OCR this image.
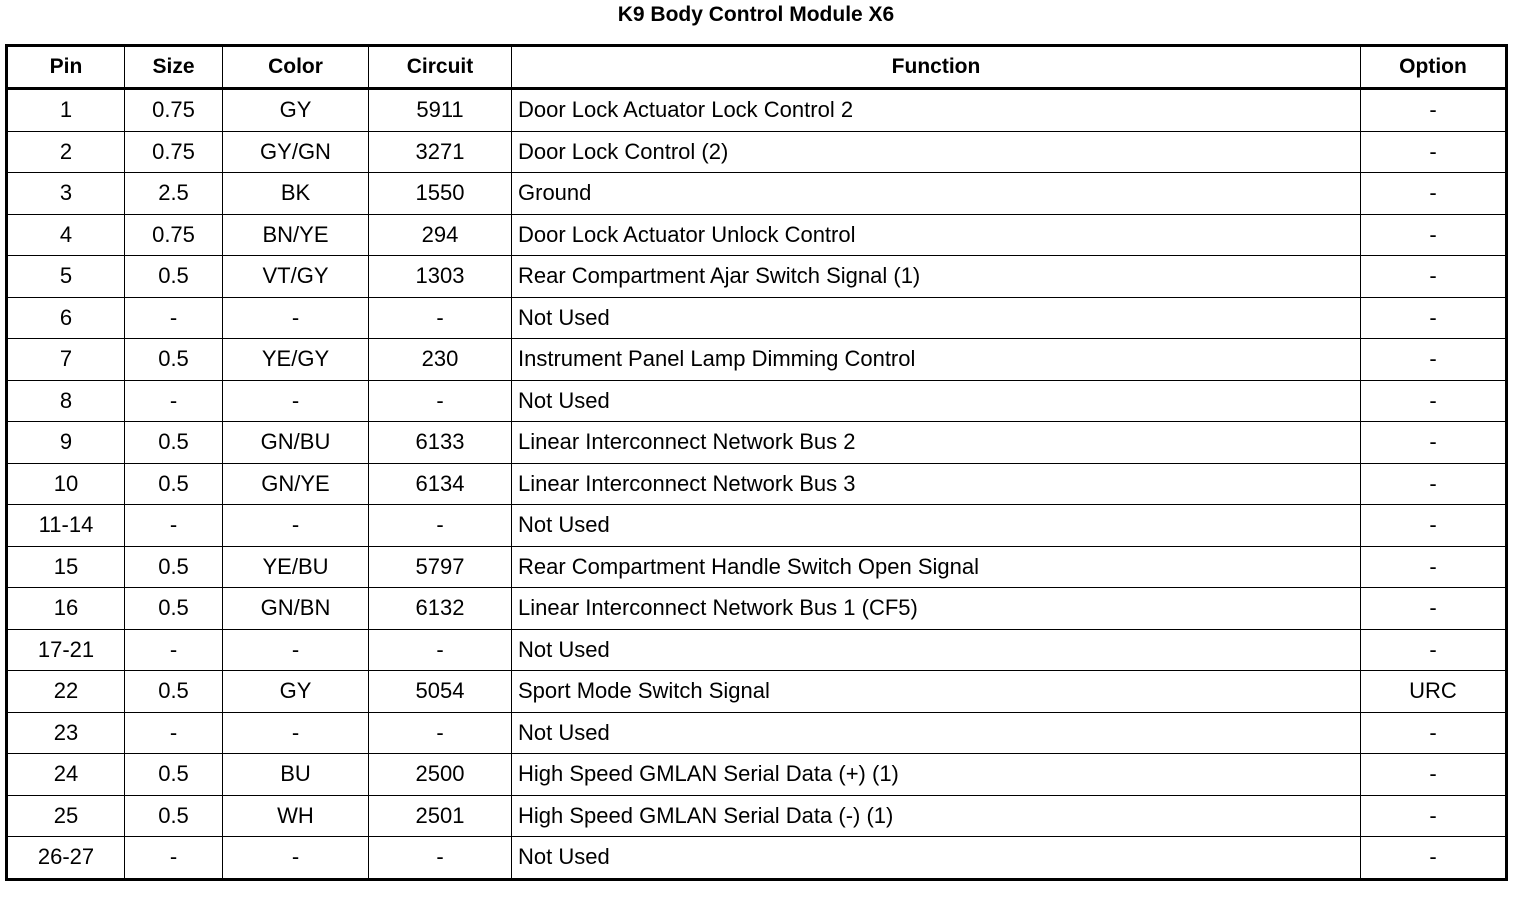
K9 Body Control Module X6
Pin	Size	Color	Circuit	Function	Option
1	0.75	GY	5911	Door Lock Actuator Lock Control 2	-
2	0.75	GY/GN	3271	Door Lock Control (2)	-
3	2.5	BK	1550	Ground	-
4	0.75	BN/YE	294	Door Lock Actuator Unlock Control	-
5	0.5	VT/GY	1303	Rear Compartment Ajar Switch Signal (1)	-
6	-	-	-	Not Used	-
7	0.5	YE/GY	230	Instrument Panel Lamp Dimming Control	-
8	-	-	-	Not Used	-
9	0.5	GN/BU	6133	Linear Interconnect Network Bus 2	-
10	0.5	GN/YE	6134	Linear Interconnect Network Bus 3	-
11-14	-	-	-	Not Used	-
15	0.5	YE/BU	5797	Rear Compartment Handle Switch Open Signal	-
16	0.5	GN/BN	6132	Linear Interconnect Network Bus 1 (CF5)	-
17-21	-	-	-	Not Used	-
22	0.5	GY	5054	Sport Mode Switch Signal	URC
23	-	-	-	Not Used	-
24	0.5	BU	2500	High Speed GMLAN Serial Data (+) (1)	-
25	0.5	WH	2501	High Speed GMLAN Serial Data (-) (1)	-
26-27	-	-	-	Not Used	-
